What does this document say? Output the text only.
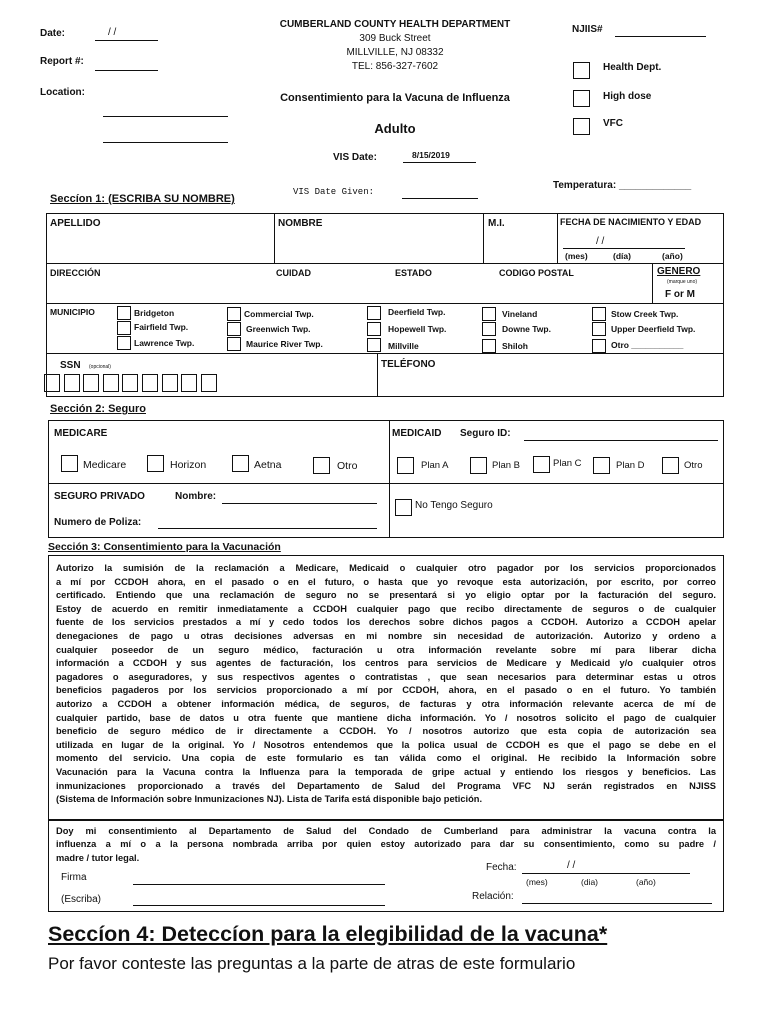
Date:	/ /
Report #:
Location:
CUMBERLAND COUNTY HEALTH DEPARTMENT
309 Buck Street
MILLVILLE, NJ 08332
TEL: 856-327-7602
Consentimiento para la Vacuna de Influenza
Adulto
VIS Date:	8/15/2019
NJIIS#
Health Dept.
High dose
VFC
Seccíon 1: (ESCRIBA SU NOMBRE)
VIS Date Given:
Temperatura: _____________
APELLIDO	NOMBRE	M.I.	FECHA DE NACIMIENTO Y EDAD
/ /
(mes)	(día)	(año)
DIRECCIÓN	CUIDAD	ESTADO	CODIGO POSTAL	GENERO
(marque uno)
F or M
MUNICIPIO	Bridgeton
Fairfield Twp.
Lawrence Twp.
Commercial Twp.
Greenwich Twp.
Maurice River Twp.
Deerfield Twp.
Hopewell Twp.
Millville
Vineland
Downe Twp.
Shiloh
Stow Creek Twp.
Upper Deerfield Twp.
Otro ___________
SSN (opcional)	TELÉFONO
Sección 2: Seguro
MEDICARE
Medicare	Horizon	Aetna	Otro
MEDICAID Seguro ID:
Plan A	Plan B	Plan C	Plan D	Otro
SEGURO PRIVADO	Nombre:
Numero de Poliza:
No Tengo Seguro
Sección 3: Consentimiento para la Vacunación
Autorizo la sumisión de la reclamación a Medicare, Medicaid o cualquier otro pagador por los servicios proporcionados
a mí por CCDOH ahora, en el pasado o en el futuro, o hasta que yo revoque esta autorización, por escrito, por correo
certificado. Entiendo que una reclamación de seguro no se presentará si yo eligio optar por la facturación del seguro.
Estoy de acuerdo en remitir inmediatamente a CCDOH cualquier pago que recibo directamente de seguros o de cualquier
fuente de los servicios prestados a mí y cedo todos los derechos sobre dichos pagos a CCDOH. Autorizo a CCDOH apelar
denegaciones de pago u otras decisiones adversas en mi nombre sin necesidad de autorización. Autorizo y ordeno a
cualquier poseedor de un seguro médico, facturación u otra información revelante sobre mí para liberar dicha
información a CCDOH y sus agentes de facturación, los centros para servicios de Medicare y Medicaid y/o cualquier otros
pagadores o aseguradores, y sus respectivos agentes o contratistas , que sean necesarios para determinar estas u otros
beneficios pagaderos por los servicios proporcionado a mí por CCDOH, ahora, en el pasado o en el futuro. Yo también
autorizo a CCDOH a obtener información médica, de seguros, de facturas y otra información relevante acerca de mí de
cualquier partido, base de datos u otra fuente que mantiene dicha información. Yo / nosotros solicito el pago de cualquier
beneficio de seguro médico de ir directamente a CCDOH. Yo / nosotros autorizo que esta copia de autorización sea
utilizada en lugar de la original. Yo / Nosotros entendemos que la polica usual de CCDOH es que el pago se debe en el
momento del servicio. Una copia de este formulario es tan válida como el original. He recibido la Información sobre
Vacunación para la Vacuna contra la Influenza para la temporada de gripe actual y entiendo los riesgos y beneficios. Las
inmunizaciones proporcionado a través del Departamento de Salud del Programa VFC NJ serán registrados en NJISS
(Sistema de Información sobre Inmunizaciones NJ). Lista de Tarifa está disponible bajo petición.
Doy mi consentimiento al Departamento de Salud del Condado de Cumberland para administrar la vacuna contra la
influenza a mí o a la persona nombrada arriba por quien estoy autorizado para dar su consentimiento, como su padre /
madre / tutor legal.
Firma
(Escriba)
Fecha:	/ /
(mes)	(dia)	(año)
Relación:
Seccíon 4: Deteccíon para la elegibilidad de la vacuna*
Por favor conteste las preguntas a la parte de atras de este formulario
